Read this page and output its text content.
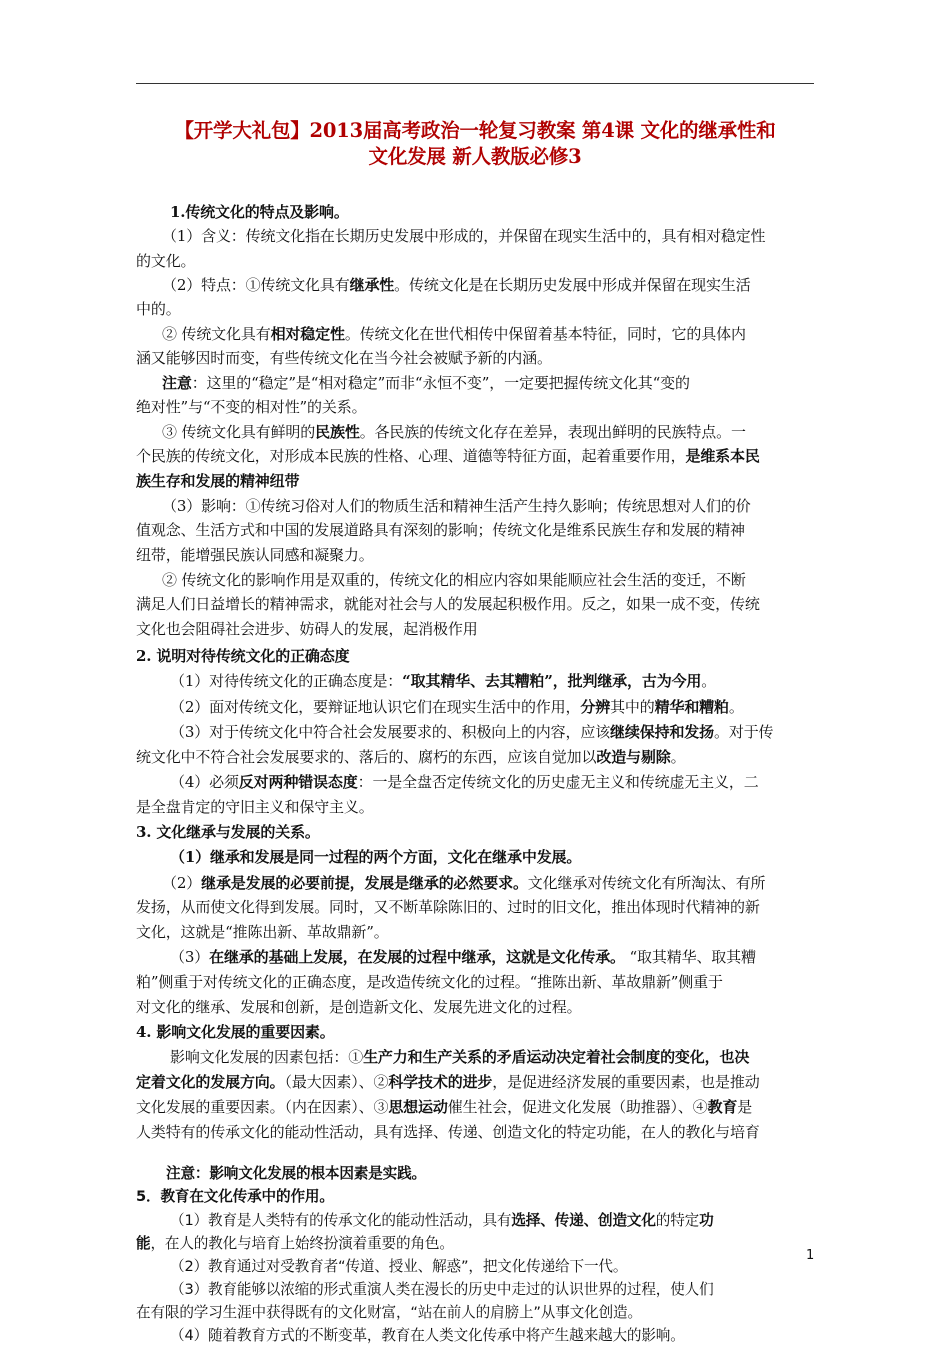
【开学大礼包】2013届高考政治一轮复习教案 第4课 文化的继承性和
文化发展 新人教版必修3
1.传统文化的特点及影响。
（1）含义：传统文化指在长期历史发展中形成的，并保留在现实生活中的，具有相对稳定性
的文化。
（2）特点：①传统文化具有继承性。传统文化是在长期历史发展中形成并保留在现实生活
中的。
② 传统文化具有相对稳定性。传统文化在世代相传中保留着基本特征，同时，它的具体内
涵又能够因时而变，有些传统文化在当今社会被赋予新的内涵。
注意：这里的“稳定”是“相对稳定”而非“永恒不变”，一定要把握传统文化其“变的
绝对性”与“不变的相对性”的关系。
③ 传统文化具有鲜明的民族性。各民族的传统文化存在差异，表现出鲜明的民族特点。一
个民族的传统文化，对形成本民族的性格、心理、道德等特征方面，起着重要作用，是维系本民
族生存和发展的精神纽带
（3）影响：①传统习俗对人们的物质生活和精神生活产生持久影响；传统思想对人们的价
值观念、生活方式和中国的发展道路具有深刻的影响；传统文化是维系民族生存和发展的精神
纽带，能增强民族认同感和凝聚力。
② 传统文化的影响作用是双重的，传统文化的相应内容如果能顺应社会生活的变迁，不断
满足人们日益增长的精神需求，就能对社会与人的发展起积极作用。反之，如果一成不变，传统
文化也会阻碍社会进步、妨碍人的发展，起消极作用
2. 说明对待传统文化的正确态度
（1）对待传统文化的正确态度是：“取其精华、去其糟粕”，批判继承，古为今用。
（2）面对传统文化，要辩证地认识它们在现实生活中的作用，分辨其中的精华和糟粕。
（3）对于传统文化中符合社会发展要求的、积极向上的内容，应该继续保持和发扬。对于传
统文化中不符合社会发展要求的、落后的、腐朽的东西，应该自觉加以改造与剔除。
（4）必须反对两种错误态度：一是全盘否定传统文化的历史虚无主义和传统虚无主义，二
是全盘肯定的守旧主义和保守主义。
3. 文化继承与发展的关系。
（1）继承和发展是同一过程的两个方面，文化在继承中发展。
（2）继承是发展的必要前提，发展是继承的必然要求。文化继承对传统文化有所淘汰、有所
发扬，从而使文化得到发展。同时，又不断革除陈旧的、过时的旧文化，推出体现时代精神的新
文化，这就是“推陈出新、革故鼎新”。
（3）在继承的基础上发展，在发展的过程中继承，这就是文化传承。 “取其精华、取其糟
粕”侧重于对传统文化的正确态度，是改造传统文化的过程。“推陈出新、革故鼎新”侧重于
对文化的继承、发展和创新，是创造新文化、发展先进文化的过程。
4. 影响文化发展的重要因素。
影响文化发展的因素包括：①生产力和生产关系的矛盾运动决定着社会制度的变化，也决
定着文化的发展方向。（最大因素）、②科学技术的进步，是促进经济发展的重要因素，也是推动
文化发展的重要因素。（内在因素）、③思想运动催生社会，促进文化发展（助推器）、④教育是
人类特有的传承文化的能动性活动，具有选择、传递、创造文化的特定功能，在人的教化与培育
注意：影响文化发展的根本因素是实践。
5．教育在文化传承中的作用。
（1）教育是人类特有的传承文化的能动性活动，具有选择、传递、创造文化的特定功
能，在人的教化与培育上始终扮演着重要的角色。
（2）教育通过对受教育者“传道、授业、解惑”，把文化传递给下一代。
（3）教育能够以浓缩的形式重演人类在漫长的历史中走过的认识世界的过程，使人们
在有限的学习生涯中获得既有的文化财富，“站在前人的肩膀上”从事文化创造。
（4）随着教育方式的不断变革，教育在人类文化传承中将产生越来越大的影响。
1
